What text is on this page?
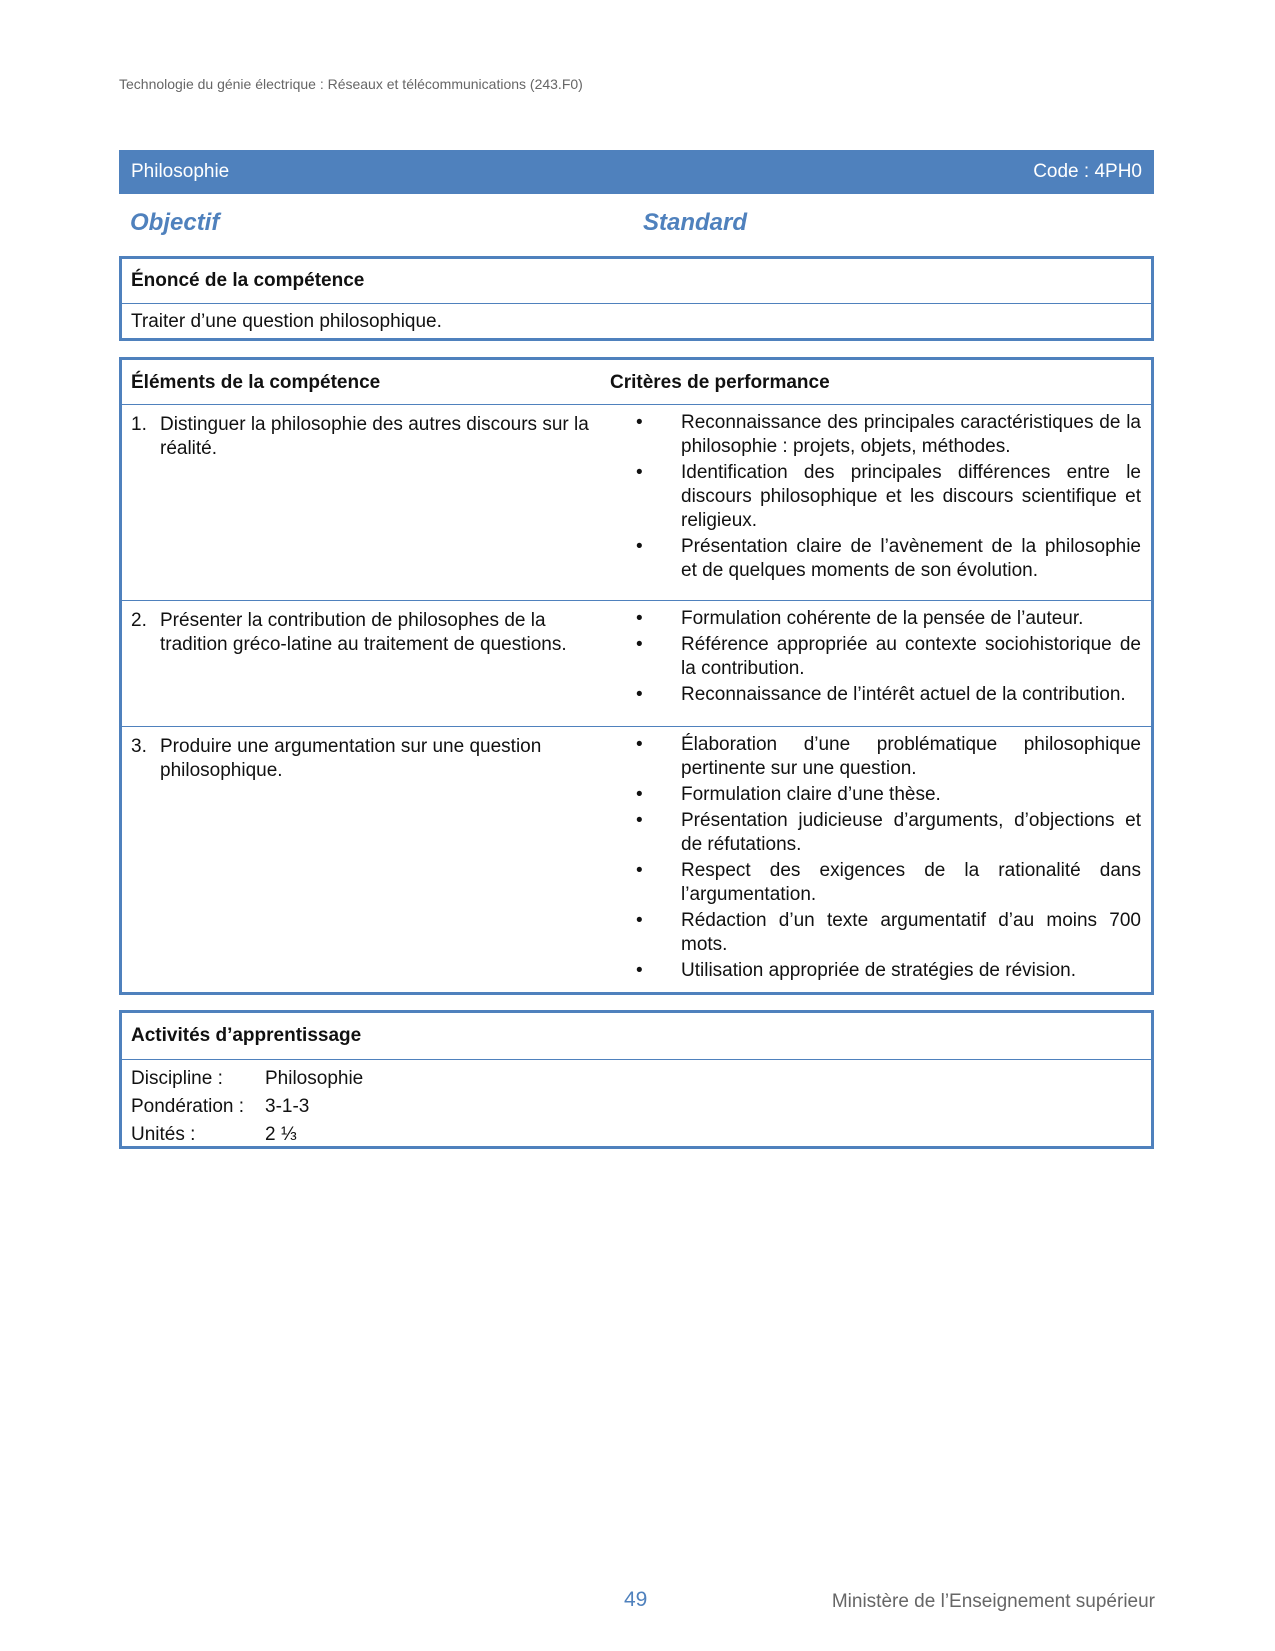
Technologie du génie électrique : Réseaux et télécommunications (243.F0)
Philosophie	Code : 4PH0
Objectif	Standard
Énoncé de la compétence
Traiter d’une question philosophique.
Éléments de la compétence	Critères de performance
1. Distinguer la philosophie des autres discours sur la réalité.
• Reconnaissance des principales caractéristiques de la philosophie : projets, objets, méthodes.
• Identification des principales différences entre le discours philosophique et les discours scientifique et religieux.
• Présentation claire de l’avènement de la philosophie et de quelques moments de son évolution.
2. Présenter la contribution de philosophes de la tradition gréco-latine au traitement de questions.
• Formulation cohérente de la pensée de l’auteur.
• Référence appropriée au contexte sociohistorique de la contribution.
• Reconnaissance de l’intérêt actuel de la contribution.
3. Produire une argumentation sur une question philosophique.
• Élaboration d’une problématique philosophique pertinente sur une question.
• Formulation claire d’une thèse.
• Présentation judicieuse d’arguments, d’objections et de réfutations.
• Respect des exigences de la rationalité dans l’argumentation.
• Rédaction d’un texte argumentatif d’au moins 700 mots.
• Utilisation appropriée de stratégies de révision.
Activités d’apprentissage
Discipline : Philosophie
Pondération : 3-1-3
Unités :	2 ⅓
49	Ministère de l’Enseignement supérieur
